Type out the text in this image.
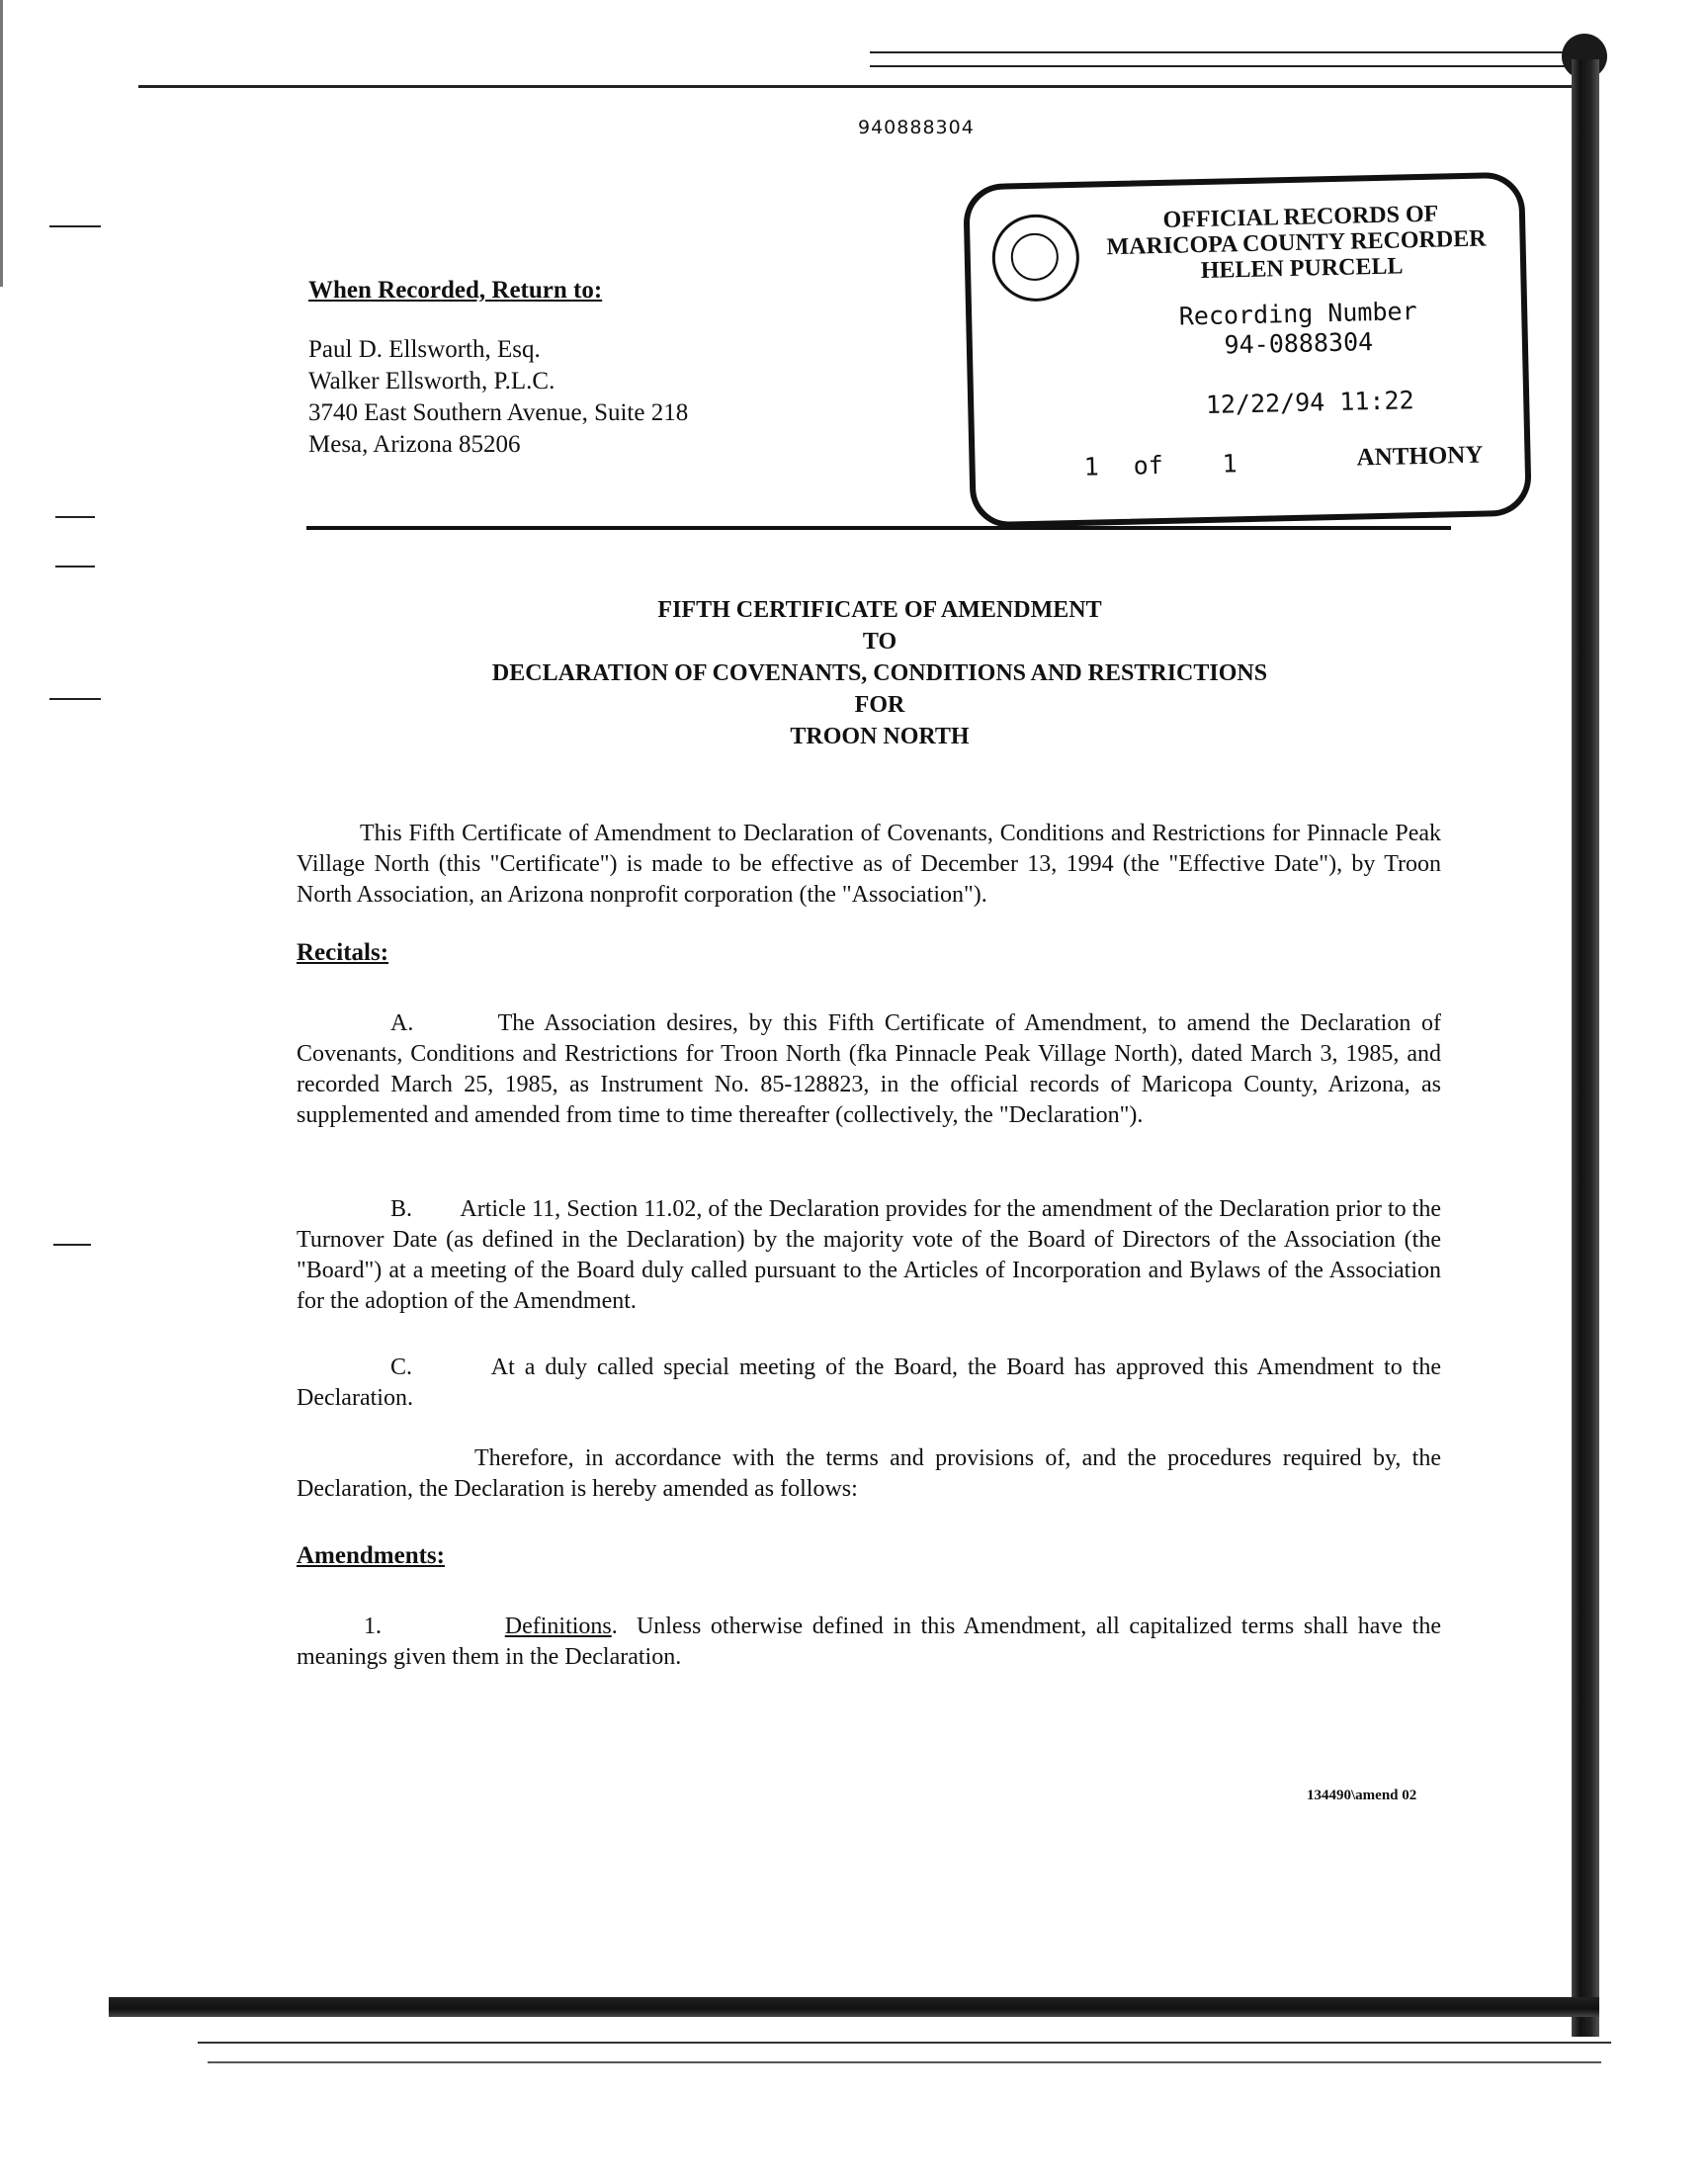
940888304
OFFICIAL RECORDS OF
MARICOPA COUNTY RECORDER
HELEN PURCELL
Recording Number
94-0888304
12/22/94 11:22
1	of	1	ANTHONY
When Recorded, Return to:
Paul D. Ellsworth, Esq.
Walker Ellsworth, P.L.C.
3740 East Southern Avenue, Suite 218
Mesa, Arizona 85206
FIFTH CERTIFICATE OF AMENDMENT
TO
DECLARATION OF COVENANTS, CONDITIONS AND RESTRICTIONS
FOR
TROON NORTH

This Fifth Certificate of Amendment to Declaration of Covenants, Conditions and Restrictions for Pinnacle Peak Village North (this "Certificate") is made to be effective as of December 13, 1994 (the "Effective Date"), by Troon North Association, an Arizona nonprofit corporation (the "Association").

Recitals:

A.	The Association desires, by this Fifth Certificate of Amendment, to amend the Declaration of Covenants, Conditions and Restrictions for Troon North (fka Pinnacle Peak Village North), dated March 3, 1985, and recorded March 25, 1985, as Instrument No. 85-128823, in the official records of Maricopa County, Arizona, as supplemented and amended from time to time thereafter (collectively, the "Declaration").

B. Article 11, Section 11.02, of the Declaration provides for the amendment of the Declaration prior to the Turnover Date (as defined in the Declaration) by the majority vote of the Board of Directors of the Association (the "Board") at a meeting of the Board duly called pursuant to the Articles of Incorporation and Bylaws of the Association for the adoption of the Amendment.

C.	At a duly called special meeting of the Board, the Board has approved this Amendment to the Declaration.

Therefore, in accordance with the terms and provisions of, and the procedures required by, the Declaration, the Declaration is hereby amended as follows:

Amendments:

1.	Definitions.  Unless otherwise defined in this Amendment, all capitalized terms shall have the meanings given them in the Declaration.

134490\amend 02
